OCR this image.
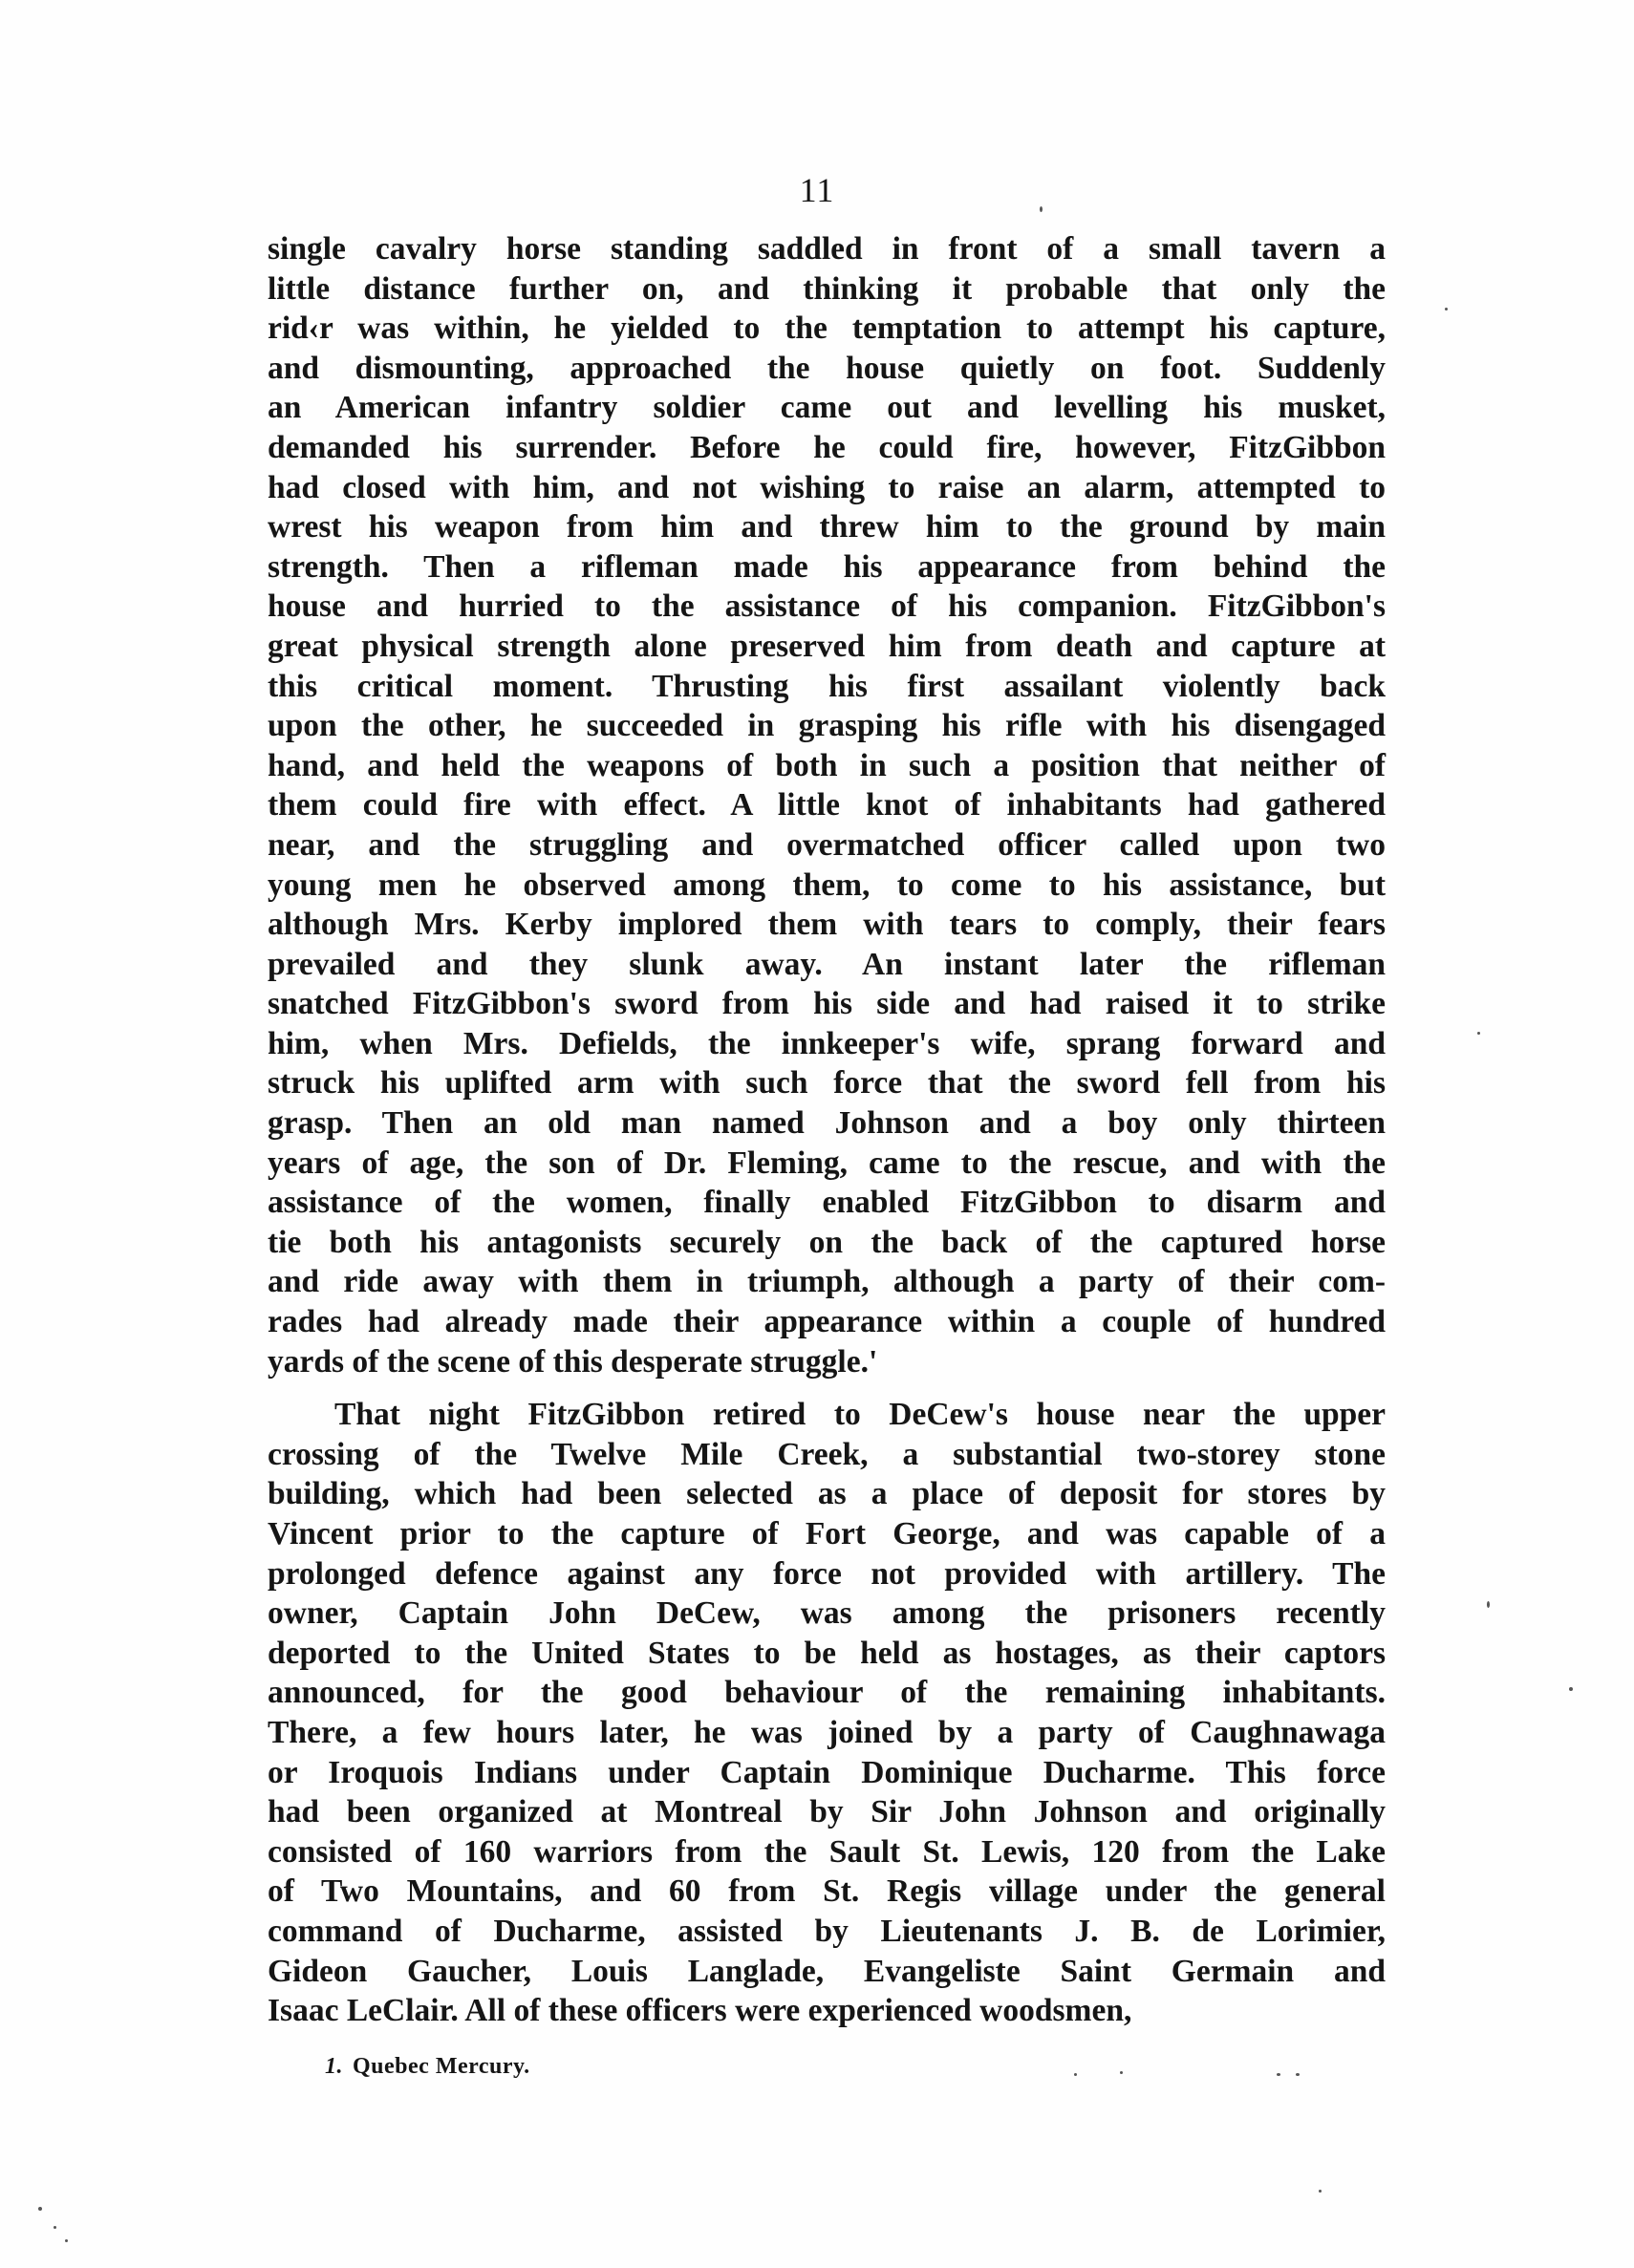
11
single cavalry horse standing saddled in front of a small tavern a
little distance further on, and thinking it probable that only the
rid‹r was within, he yielded to the temptation to attempt his capture,
and dismounting, approached the house quietly on foot. Suddenly
an American infantry soldier came out and levelling his musket,
demanded his surrender. Before he could fire, however, FitzGibbon
had closed with him, and not wishing to raise an alarm, attempted to
wrest his weapon from him and threw him to the ground by main
strength. Then a rifleman made his appearance from behind the
house and hurried to the assistance of his companion. FitzGibbon's
great physical strength alone preserved him from death and capture at
this critical moment. Thrusting his first assailant violently back
upon the other, he succeeded in grasping his rifle with his disengaged
hand, and held the weapons of both in such a position that neither of
them could fire with effect. A little knot of inhabitants had gathered
near, and the struggling and overmatched officer called upon two
young men he observed among them, to come to his assistance, but
although Mrs. Kerby implored them with tears to comply, their fears
prevailed and they slunk away. An instant later the rifleman
snatched FitzGibbon's sword from his side and had raised it to strike
him, when Mrs. Defields, the innkeeper's wife, sprang forward and
struck his uplifted arm with such force that the sword fell from his
grasp. Then an old man named Johnson and a boy only thirteen
years of age, the son of Dr. Fleming, came to the rescue, and with the
assistance of the women, finally enabled FitzGibbon to disarm and
tie both his antagonists securely on the back of the captured horse
and ride away with them in triumph, although a party of their com-
rades had already made their appearance within a couple of hundred
yards of the scene of this desperate struggle.'
That night FitzGibbon retired to DeCew's house near the upper
crossing of the Twelve Mile Creek, a substantial two-storey stone
building, which had been selected as a place of deposit for stores by
Vincent prior to the capture of Fort George, and was capable of a
prolonged defence against any force not provided with artillery. The
owner, Captain John DeCew, was among the prisoners recently
deported to the United States to be held as hostages, as their captors
announced, for the good behaviour of the remaining inhabitants.
There, a few hours later, he was joined by a party of Caughnawaga
or Iroquois Indians under Captain Dominique Ducharme. This force
had been organized at Montreal by Sir John Johnson and originally
consisted of 160 warriors from the Sault St. Lewis, 120 from the Lake
of Two Mountains, and 60 from St. Regis village under the general
command of Ducharme, assisted by Lieutenants J. B. de Lorimier,
Gideon Gaucher, Louis Langlade, Evangeliste Saint Germain and
Isaac LeClair. All of these officers were experienced woodsmen,
1. Quebec Mercury.
